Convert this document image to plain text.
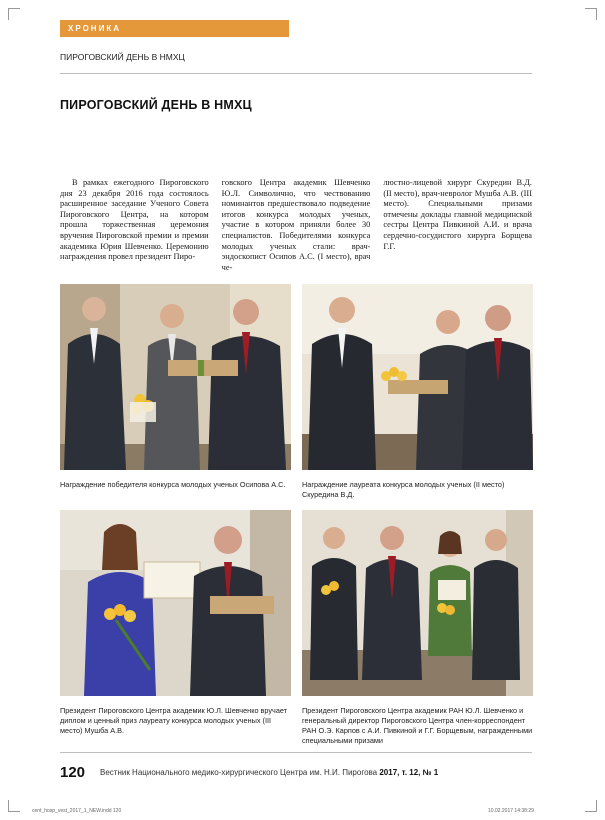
ХРОНИКА
ПИРОГОВСКИЙ ДЕНЬ В НМХЦ
ПИРОГОВСКИЙ ДЕНЬ В НМХЦ

В рамках ежегодного Пироговского дня 23 декабря 2016 года состоялось расширенное заседание Ученого Совета Пироговского Центра, на котором прошла торжественная церемония вручения Пироговской премии и премии академика Юрия Шевченко. Церемонию награждения провел президент Пиро-

говского Центра академик Шевченко Ю.Л. Символично, что чествованию номинантов предшествовало подведение итогов конкурса молодых ученых, участие в котором приняли более 30 специалистов. Победителями конкурса молодых ученых стали: врач-эндоскопист Осипов А.С. (I место), врач че-

люстно-лицевой хирург Скуредин В.Д. (II место), врач-невролог Мушба А.В. (III место). Специальными призами отмечены доклады главной медицинской сестры Центра Пивкиной А.И. и врача сердечно-сосудистого хирурга Борщева Г.Г.

Награждение победителя конкурса молодых ученых Осипова А.С.	Награждение лауреата конкурса молодых ученых (II место) Скуредина В.Д.
Президент Пироговского Центра академик Ю.Л. Шевченко вручает диплом и ценный приз лауреату конкурса молодых ученых (III место) Мушба А.В.
Президент Пироговского Центра академик РАН Ю.Л. Шевченко и генеральный директор Пироговского Центра член-корреспондент РАН О.Э. Карпов с А.И. Пивкиной и Г.Г. Борщевым, награжденными специальными призами
120 Вестник Национального медико-хирургического Центра им. Н.И. Пирогова 2017, т. 12, № 1
cent_hosp_vest_2017_1_NEW.indd 120	10.02.2017 14:38:29
